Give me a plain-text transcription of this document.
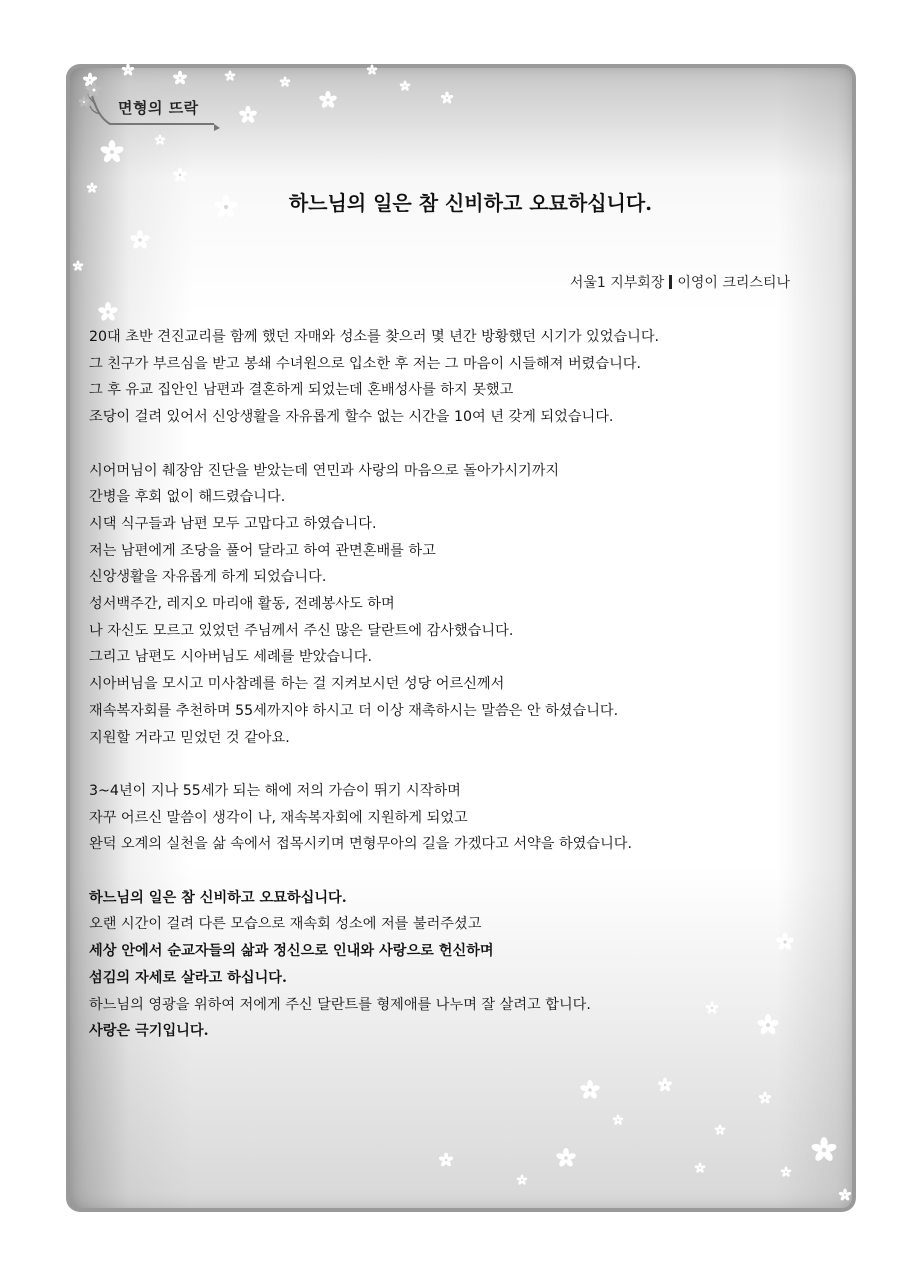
면형의 뜨락
하느님의 일은 참 신비하고 오묘하십니다.
서울1 지부회장 이영이 크리스티나

20대 초반 견진교리를 함께 했던 자매와 성소를 찾으러 몇 년간 방황했던 시기가 있었습니다.

그 친구가 부르심을 받고 봉쇄 수녀원으로 입소한 후 저는 그 마음이 시들해져 버렸습니다.

그 후 유교 집안인 남편과 결혼하게 되었는데 혼배성사를 하지 못했고

조당이 걸려 있어서 신앙생활을 자유롭게 할수 없는 시간을 10여 년 갖게 되었습니다.

시어머님이 췌장암 진단을 받았는데 연민과 사랑의 마음으로 돌아가시기까지

간병을 후회 없이 해드렸습니다.

시댁 식구들과 남편 모두 고맙다고 하였습니다.

저는 남편에게 조당을 풀어 달라고 하여 관면혼배를 하고

신앙생활을 자유롭게 하게 되었습니다.

성서백주간, 레지오 마리애 활동, 전례봉사도 하며

나 자신도 모르고 있었던 주님께서 주신 많은 달란트에 감사했습니다.

그리고 남편도 시아버님도 세례를 받았습니다.

시아버님을 모시고 미사참례를 하는 걸 지켜보시던 성당 어르신께서

재속복자회를 추천하며 55세까지야 하시고 더 이상 재촉하시는 말씀은 안 하셨습니다.

지원할 거라고 믿었던 것 같아요.

3~4년이 지나 55세가 되는 해에 저의 가슴이 뛰기 시작하며

자꾸 어르신 말씀이 생각이 나, 재속복자회에 지원하게 되었고

완덕 오계의 실천을 삶 속에서 접목시키며 면형무아의 길을 가겠다고 서약을 하였습니다.

하느님의 일은 참 신비하고 오묘하십니다.

오랜 시간이 걸려 다른 모습으로 재속회 성소에 저를 불러주셨고

세상 안에서 순교자들의 삶과 정신으로 인내와 사랑으로 헌신하며

섬김의 자세로 살라고 하십니다.

하느님의 영광을 위하여 저에게 주신 달란트를 형제애를 나누며 잘 살려고 합니다.

사랑은 극기입니다.
